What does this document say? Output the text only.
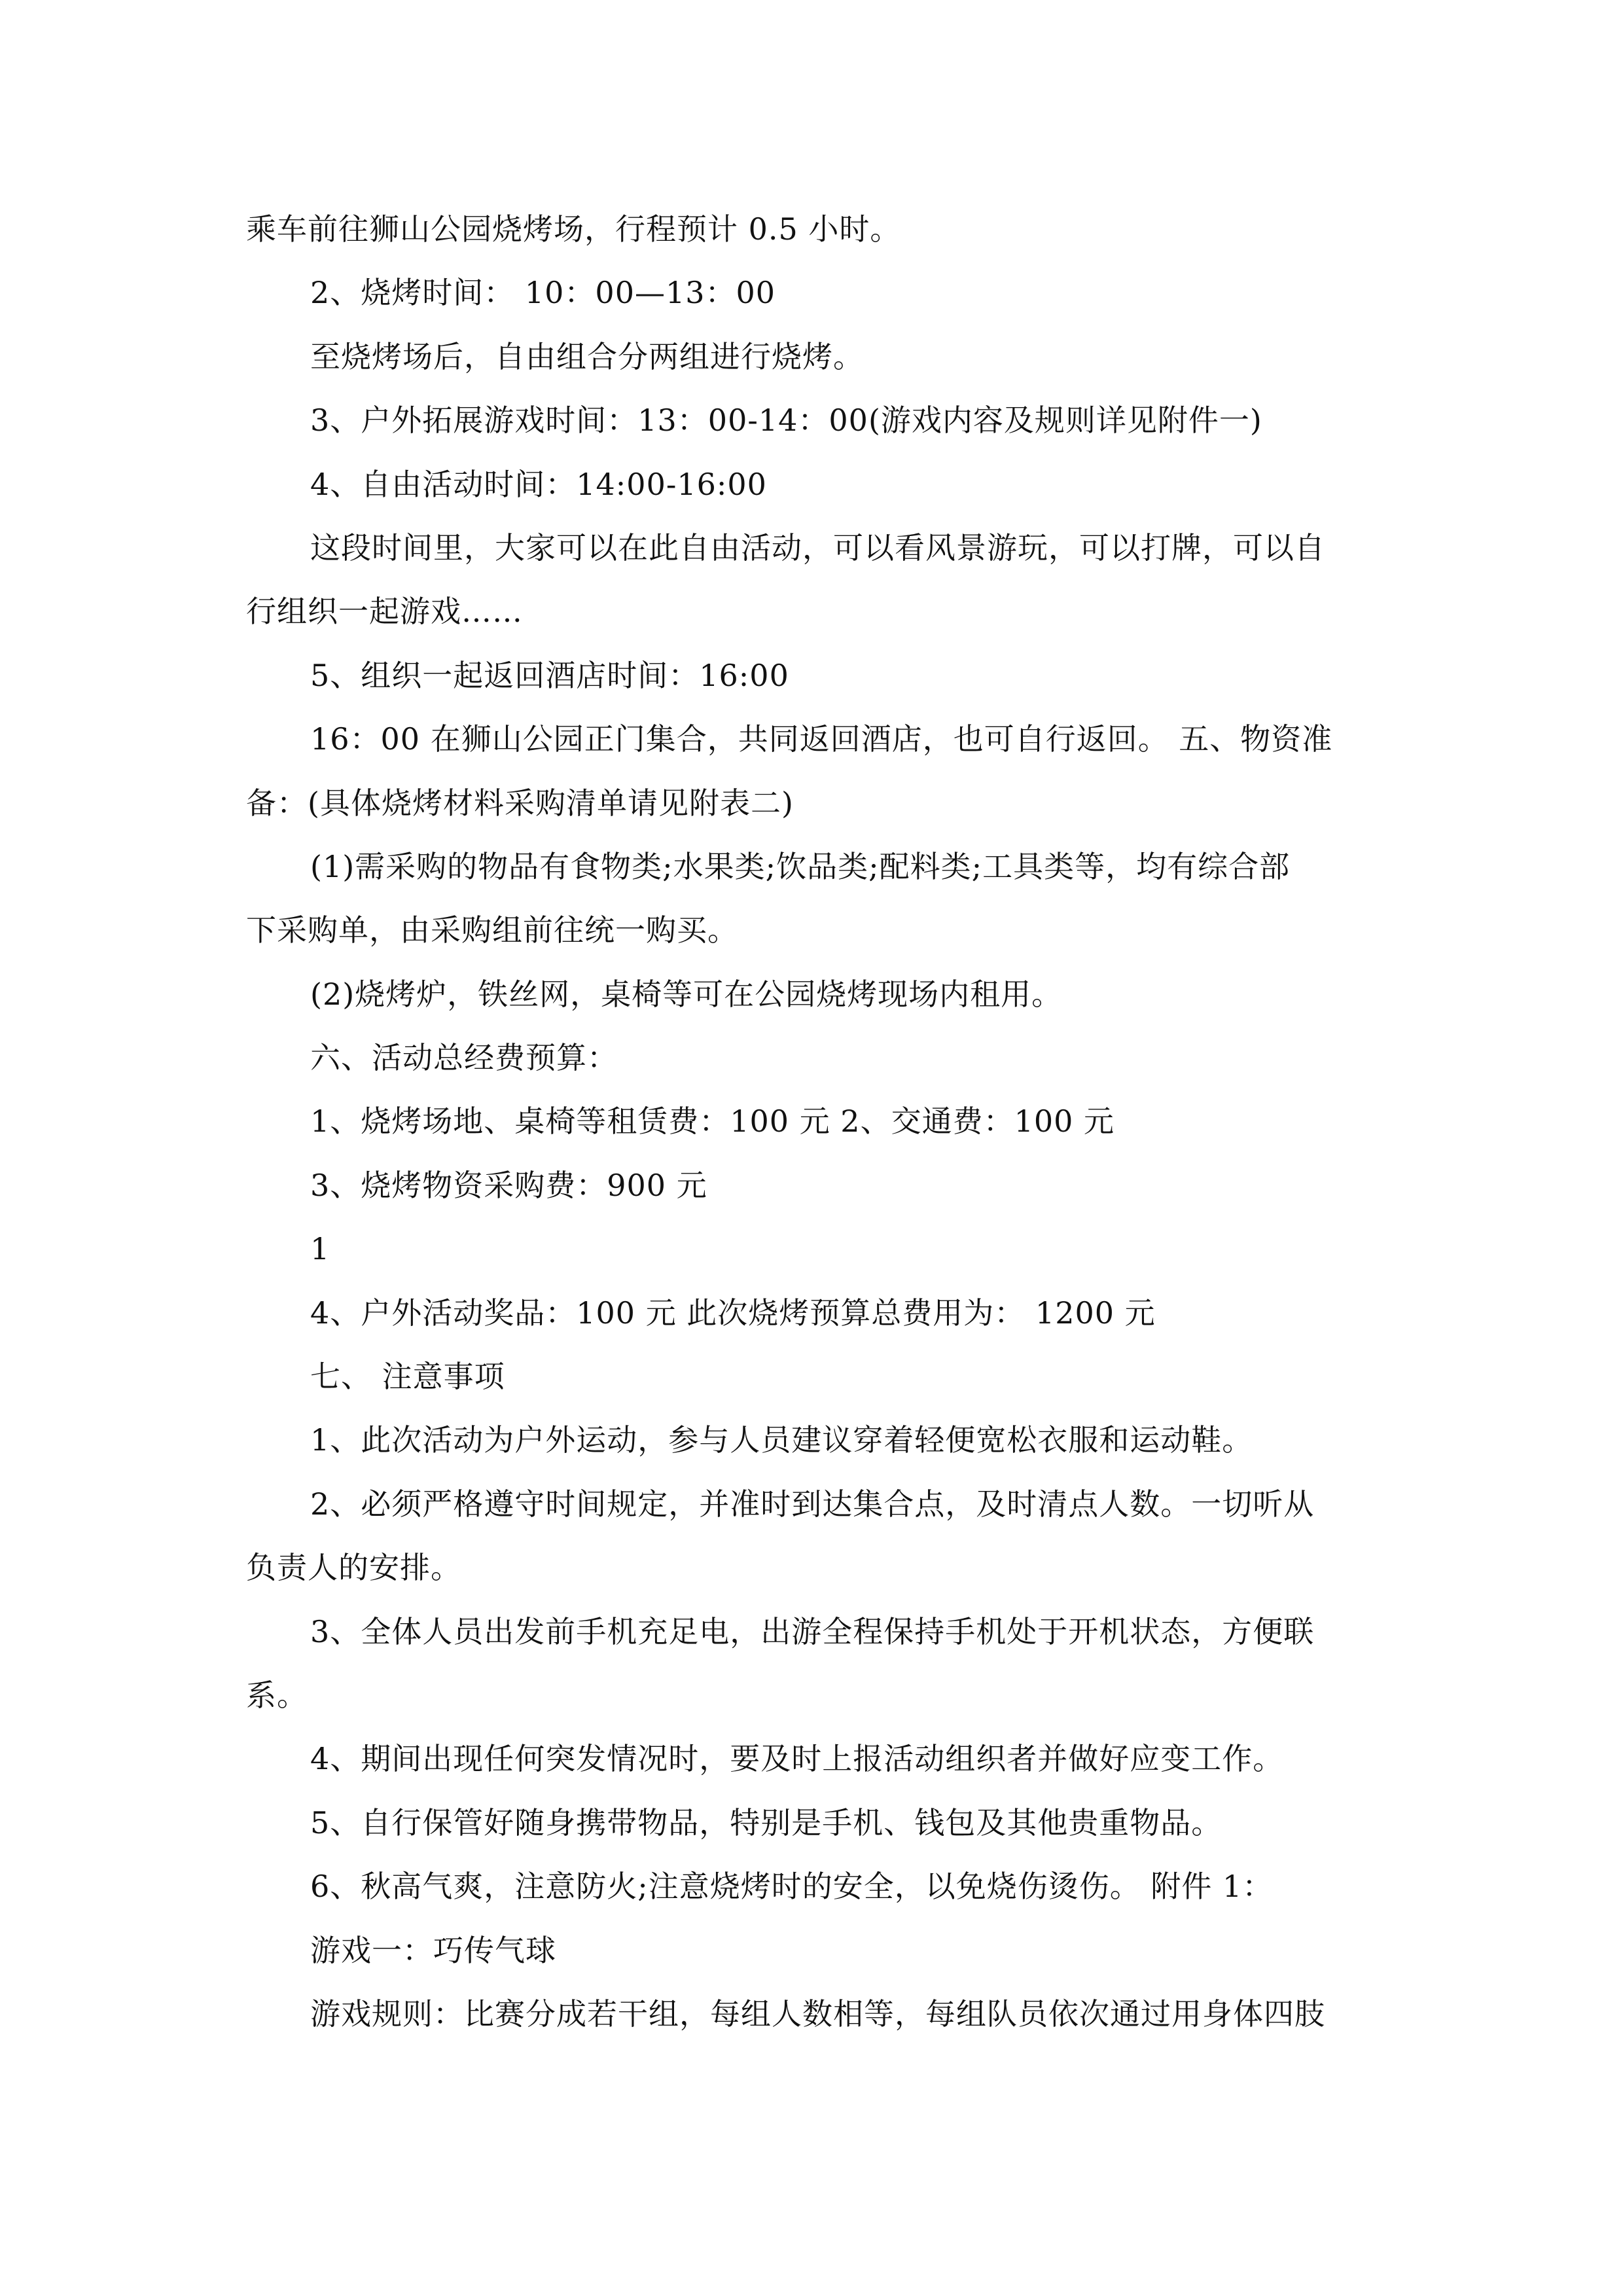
乘车前往狮山公园烧烤场，行程预计 0.5 小时。
2、烧烤时间： 10：00—13：00
至烧烤场后，自由组合分两组进行烧烤。
3、户外拓展游戏时间：13：00-14：00(游戏内容及规则详见附件一)
4、自由活动时间：14:00-16:00
这段时间里，大家可以在此自由活动，可以看风景游玩，可以打牌，可以自
行组织一起游戏……
5、组织一起返回酒店时间：16:00
16：00 在狮山公园正门集合，共同返回酒店，也可自行返回。 五、物资准
备：(具体烧烤材料采购清单请见附表二)
(1)需采购的物品有食物类;水果类;饮品类;配料类;工具类等，均有综合部
下采购单，由采购组前往统一购买。
(2)烧烤炉，铁丝网，桌椅等可在公园烧烤现场内租用。
六、活动总经费预算：
1、烧烤场地、桌椅等租赁费：100 元 2、交通费：100 元
3、烧烤物资采购费：900 元
1
4、户外活动奖品：100 元 此次烧烤预算总费用为： 1200 元
七、 注意事项
1、此次活动为户外运动，参与人员建议穿着轻便宽松衣服和运动鞋。
2、必须严格遵守时间规定，并准时到达集合点，及时清点人数。一切听从
负责人的安排。
3、全体人员出发前手机充足电，出游全程保持手机处于开机状态，方便联
系。
4、期间出现任何突发情况时，要及时上报活动组织者并做好应变工作。
5、自行保管好随身携带物品，特别是手机、钱包及其他贵重物品。
6、秋高气爽，注意防火;注意烧烤时的安全，以免烧伤烫伤。 附件 1：
游戏一：巧传气球
游戏规则：比赛分成若干组，每组人数相等，每组队员依次通过用身体四肢
